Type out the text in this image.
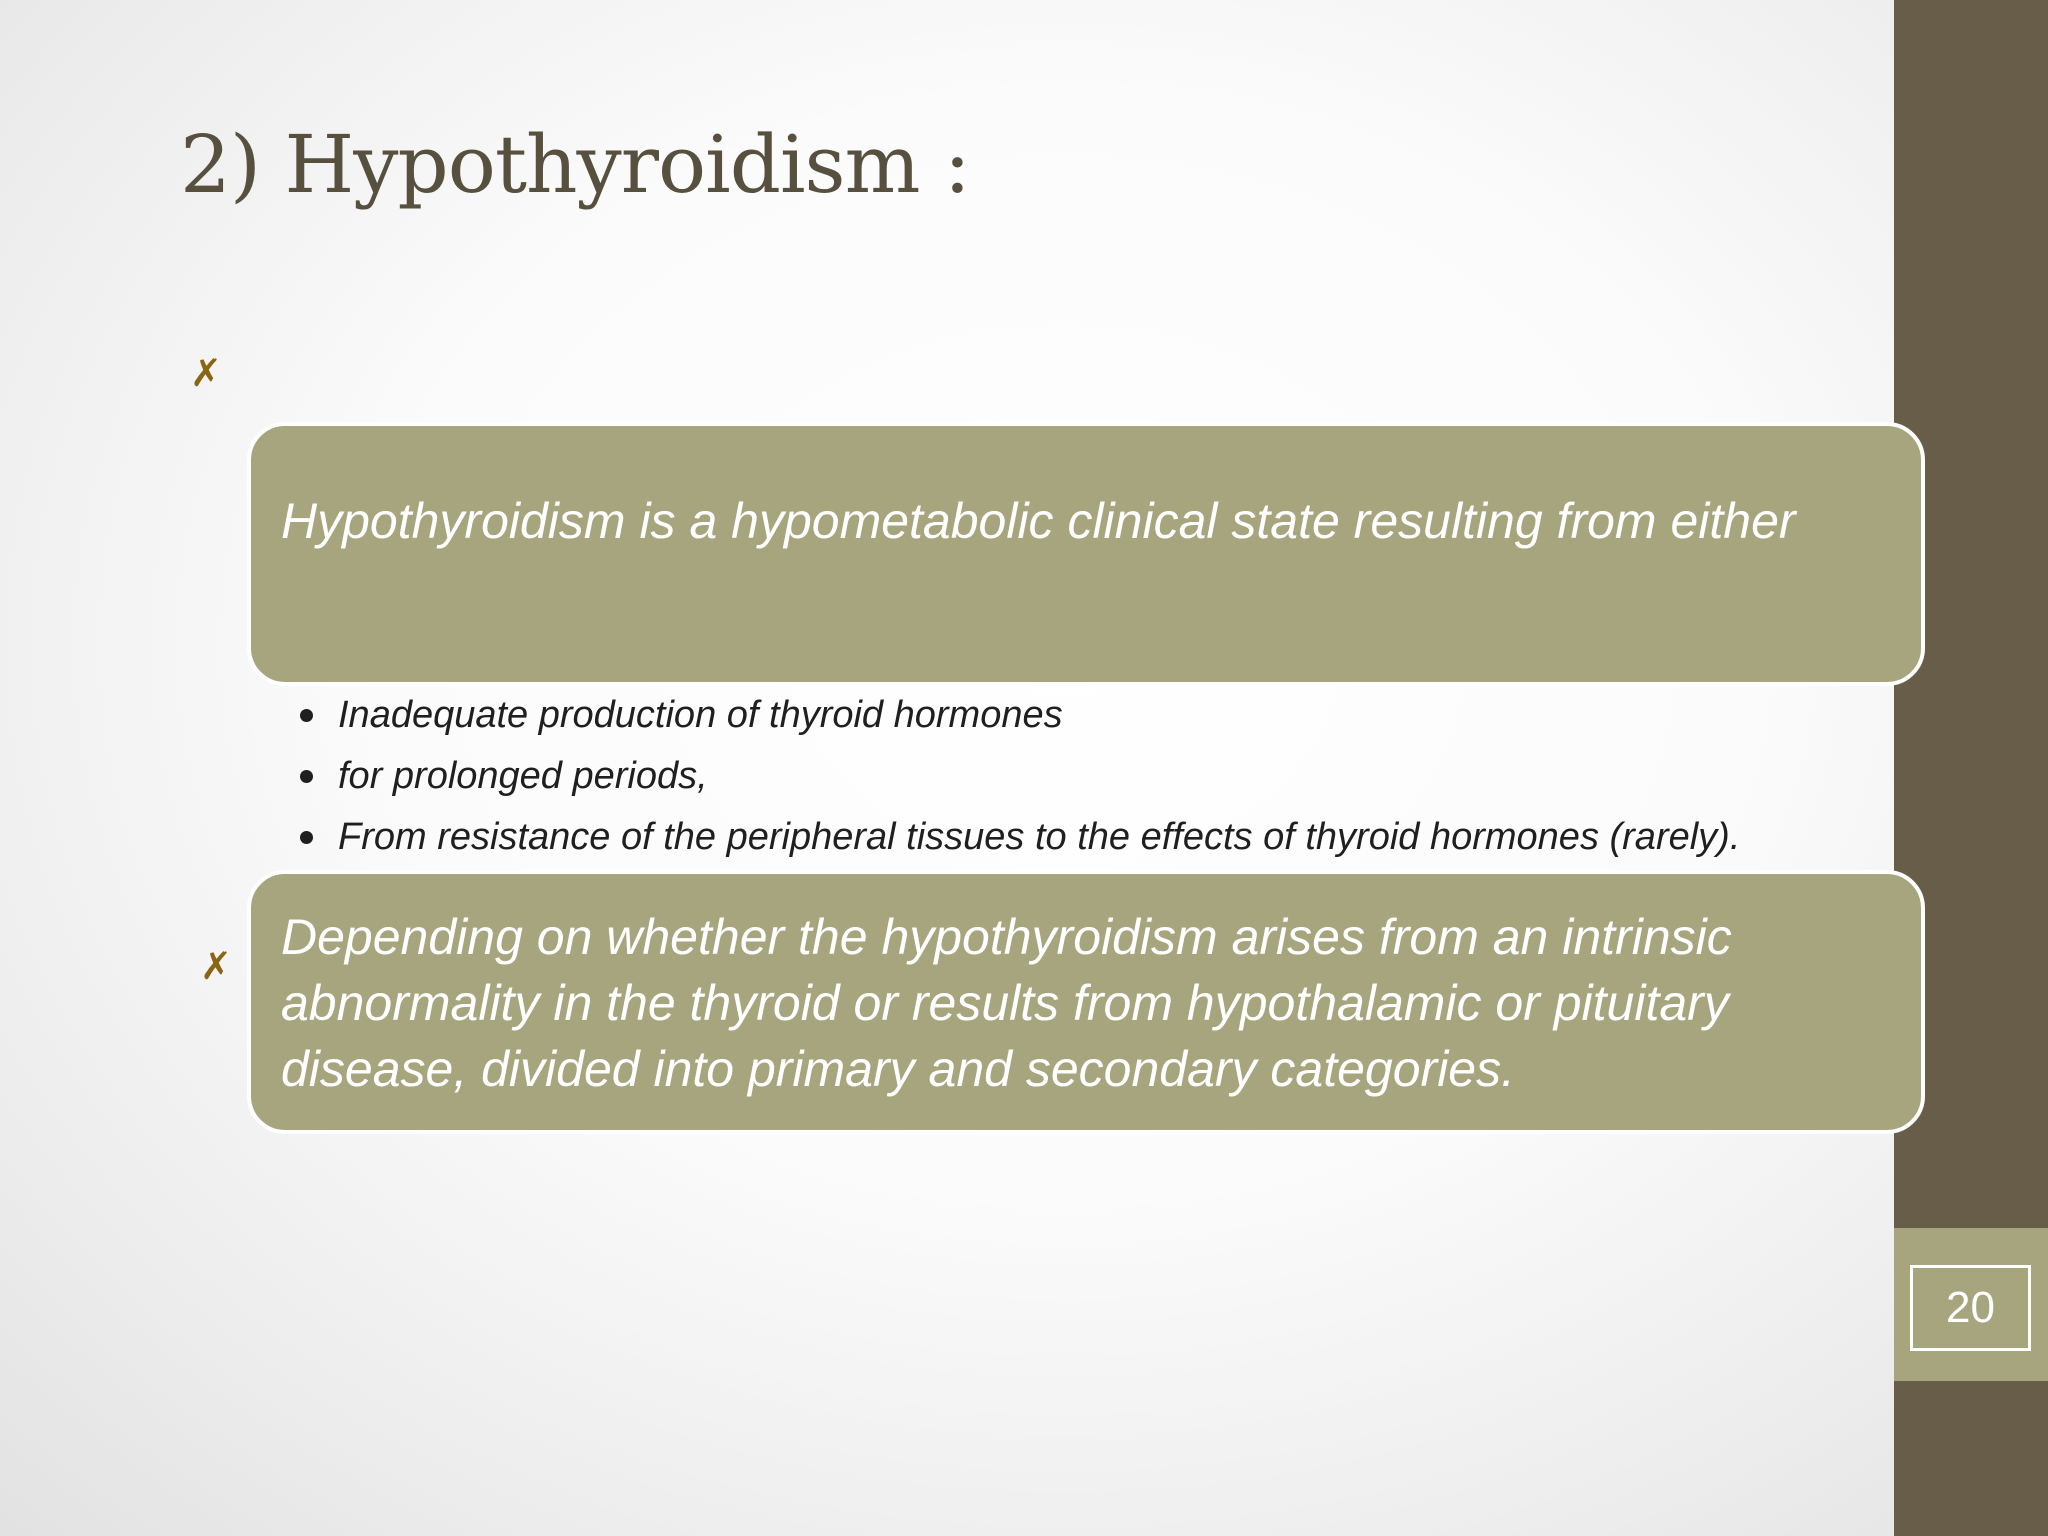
20
2) Hypothyroidism :
✗

Hypothyroidism is a hypometabolic clinical state resulting from either

Inadequate production of thyroid hormones
for prolonged periods,
From resistance of the peripheral tissues to the effects of thyroid hormones (rarely).
✗

Depending on whether the hypothyroidism arises from an intrinsic abnormality in the thyroid or results from hypothalamic or pituitary disease, divided into primary and secondary categories.
